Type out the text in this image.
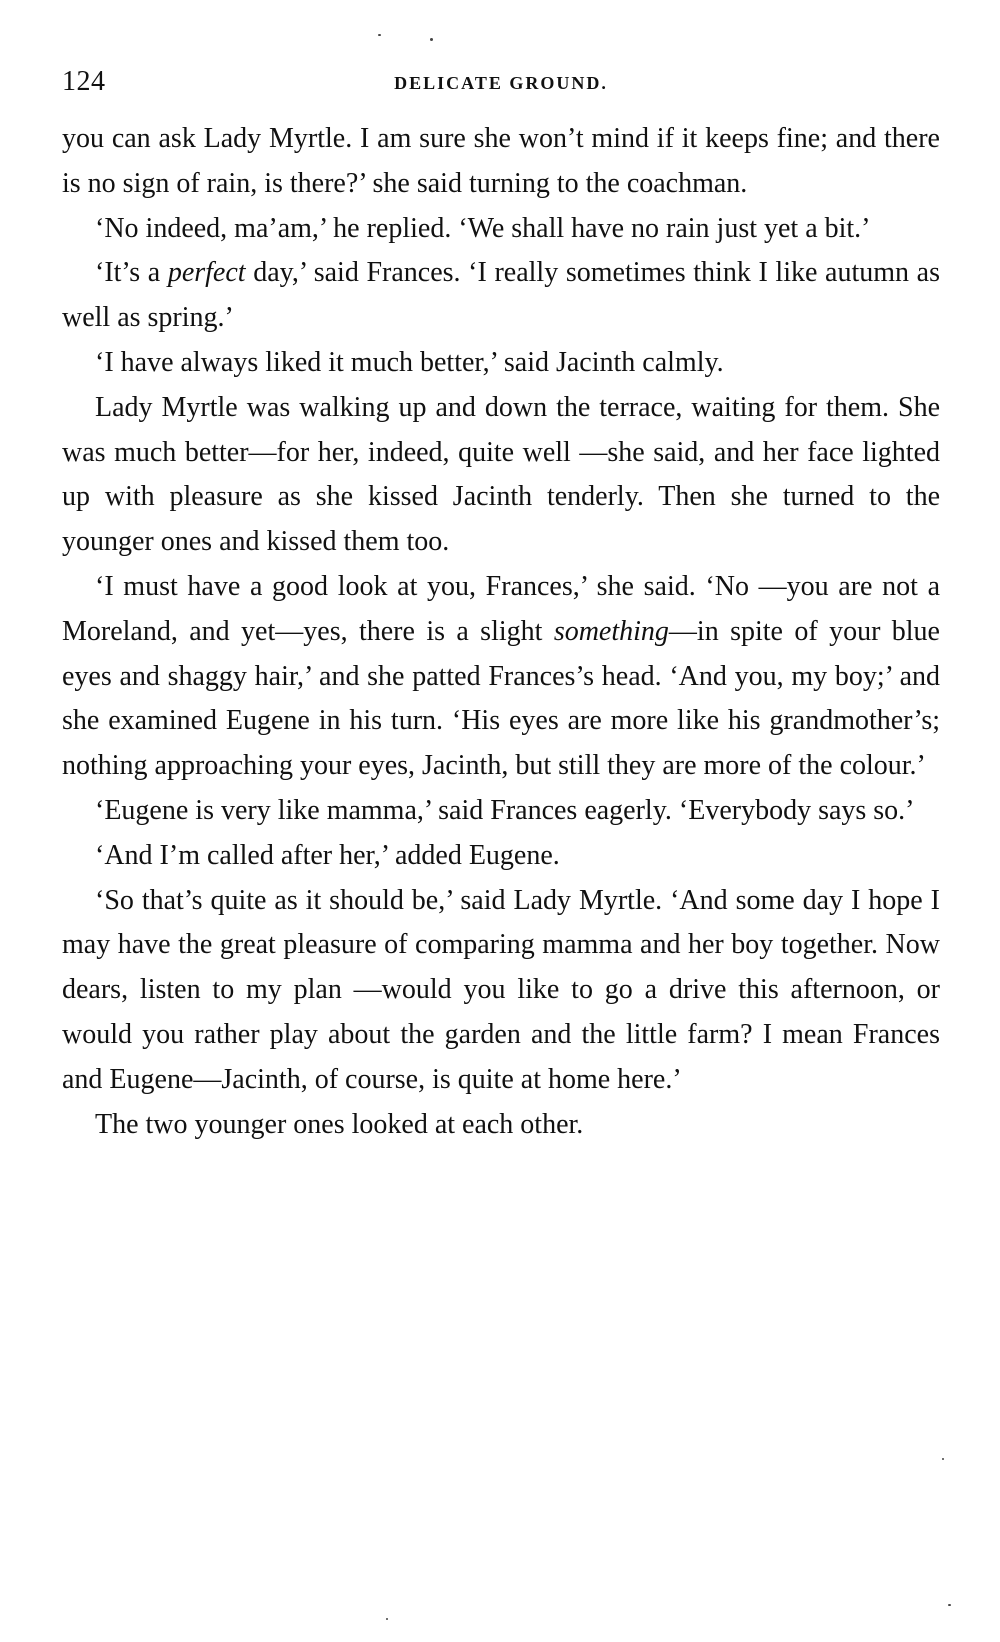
124	DELICATE GROUND.

you can ask Lady Myrtle. I am sure she won’t mind if it keeps fine; and there is no sign of rain, is there?’ she said turning to the coachman.

‘No indeed, ma’am,’ he replied. ‘We shall have no rain just yet a bit.’

‘It’s a perfect day,’ said Frances. ‘I really sometimes think I like autumn as well as spring.’

‘I have always liked it much better,’ said Jacinth calmly.

Lady Myrtle was walking up and down the terrace, waiting for them. She was much better—for her, indeed, quite well —she said, and her face lighted up with pleasure as she kissed Jacinth tenderly. Then she turned to the younger ones and kissed them too.

‘I must have a good look at you, Frances,’ she said. ‘No —you are not a Moreland, and yet—yes, there is a slight something—in spite of your blue eyes and shaggy hair,’ and she patted Frances’s head. ‘And you, my boy;’ and she examined Eugene in his turn. ‘His eyes are more like his grandmother’s; nothing approaching your eyes, Jacinth, but still they are more of the colour.’

‘Eugene is very like mamma,’ said Frances eagerly. ‘Everybody says so.’

‘And I’m called after her,’ added Eugene.

‘So that’s quite as it should be,’ said Lady Myrtle. ‘And some day I hope I may have the great pleasure of comparing mamma and her boy together. Now dears, listen to my plan —would you like to go a drive this afternoon, or would you rather play about the garden and the little farm? I mean Frances and Eugene—Jacinth, of course, is quite at home here.’

The two younger ones looked at each other.
